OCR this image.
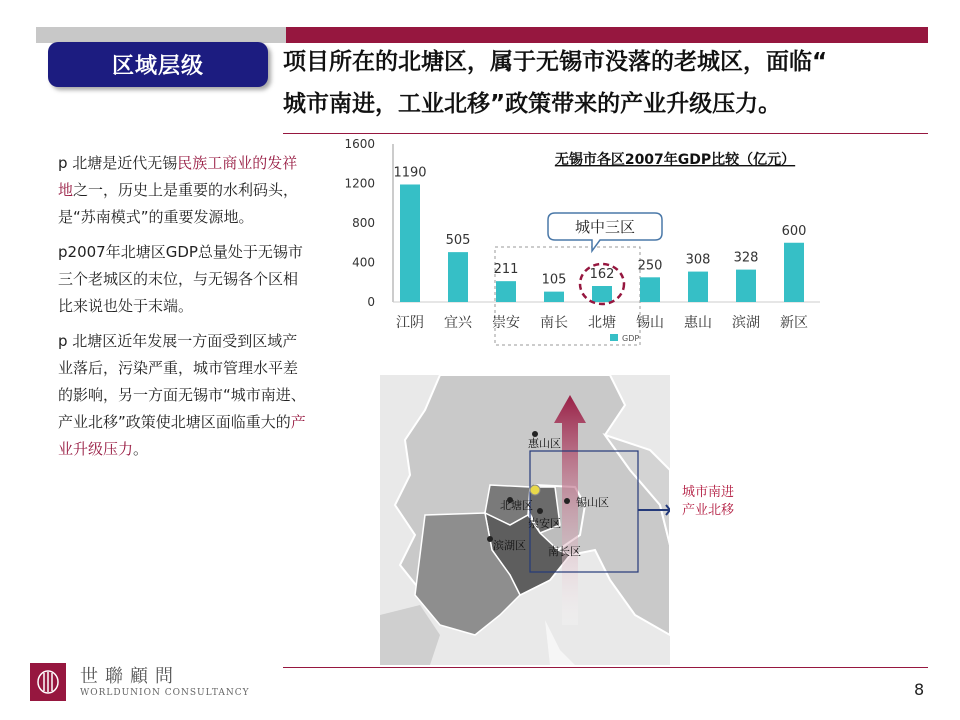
区域层级	项目所在的北塘区，属于无锡市没落的老城区，面临“
城市南进，工业北移”政策带来的产业升级压力。

p 北塘是近代无锡民族工商业的发祥地之一，历史上是重要的水利码头，是“苏南模式”的重要发源地。

p2007年北塘区GDP总量处于无锡市三个老城区的末位，与无锡各个区相比来说也处于末端。

p 北塘区近年发展一方面受到区域产业落后，污染严重，城市管理水平差的影响，另一方面无锡市“城市南进、产业北移”政策使北塘区面临重大的产业升级压力。

无锡市各区2007年GDP比较（亿元）
0
400
800
1200
1600
1190
江阴
505
宜兴
211
崇安
105
南长
162
北塘
250
锡山
308
惠山
328
滨湖
600
新区
城中三区
GDP
惠山区
北塘区
崇安区
锡山区
滨湖区 南长区
城市南进
产业北移
世聯顧問
WORLDUNION CONSULTANCY	8
